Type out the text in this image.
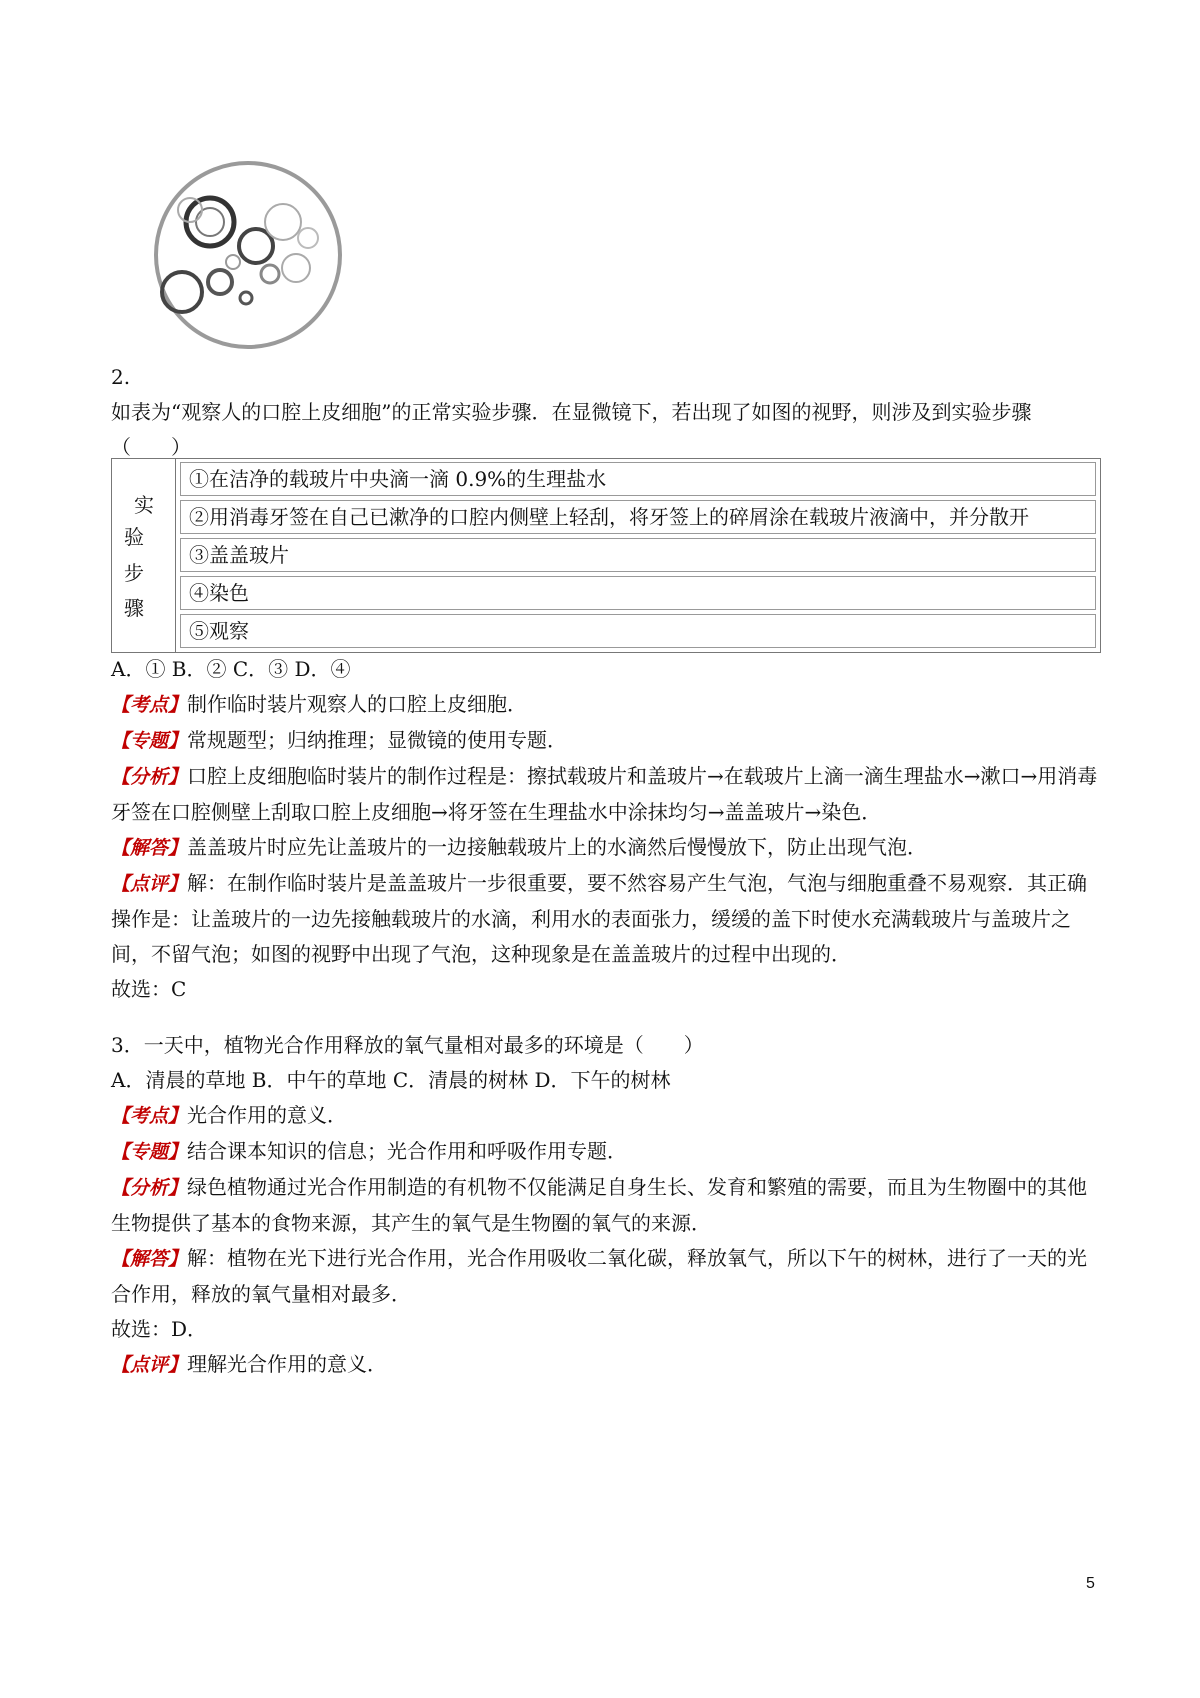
2.
如表为“观察人的口腔上皮细胞”的正常实验步骤．在显微镜下，若出现了如图的视野，则涉及到实验步骤（　　）
实
验
步
骤
①在洁净的载玻片中央滴一滴 0.9%的生理盐水
②用消毒牙签在自己已漱净的口腔内侧壁上轻刮，将牙签上的碎屑涂在载玻片液滴中，并分散开
③盖盖玻片
④染色
⑤观察
A．① B．② C．③ D．④
【考点】制作临时装片观察人的口腔上皮细胞．
【专题】常规题型；归纳推理；显微镜的使用专题．
【分析】口腔上皮细胞临时装片的制作过程是：擦拭载玻片和盖玻片→在载玻片上滴一滴生理盐水→漱口→用消毒牙签在口腔侧壁上刮取口腔上皮细胞→将牙签在生理盐水中涂抹均匀→盖盖玻片→染色．
【解答】盖盖玻片时应先让盖玻片的一边接触载玻片上的水滴然后慢慢放下，防止出现气泡．
【点评】解：在制作临时装片是盖盖玻片一步很重要，要不然容易产生气泡，气泡与细胞重叠不易观察．其正确操作是：让盖玻片的一边先接触载玻片的水滴，利用水的表面张力，缓缓的盖下时使水充满载玻片与盖玻片之间，不留气泡；如图的视野中出现了气泡，这种现象是在盖盖玻片的过程中出现的．
故选：C
3．一天中，植物光合作用释放的氧气量相对最多的环境是（　　）
A．清晨的草地 B．中午的草地 C．清晨的树林 D．下午的树林
【考点】光合作用的意义．
【专题】结合课本知识的信息；光合作用和呼吸作用专题．
【分析】绿色植物通过光合作用制造的有机物不仅能满足自身生长、发育和繁殖的需要，而且为生物圈中的其他生物提供了基本的食物来源，其产生的氧气是生物圈的氧气的来源．
【解答】解：植物在光下进行光合作用，光合作用吸收二氧化碳，释放氧气，所以下午的树林，进行了一天的光合作用，释放的氧气量相对最多．
故选：D．
【点评】理解光合作用的意义．
5
